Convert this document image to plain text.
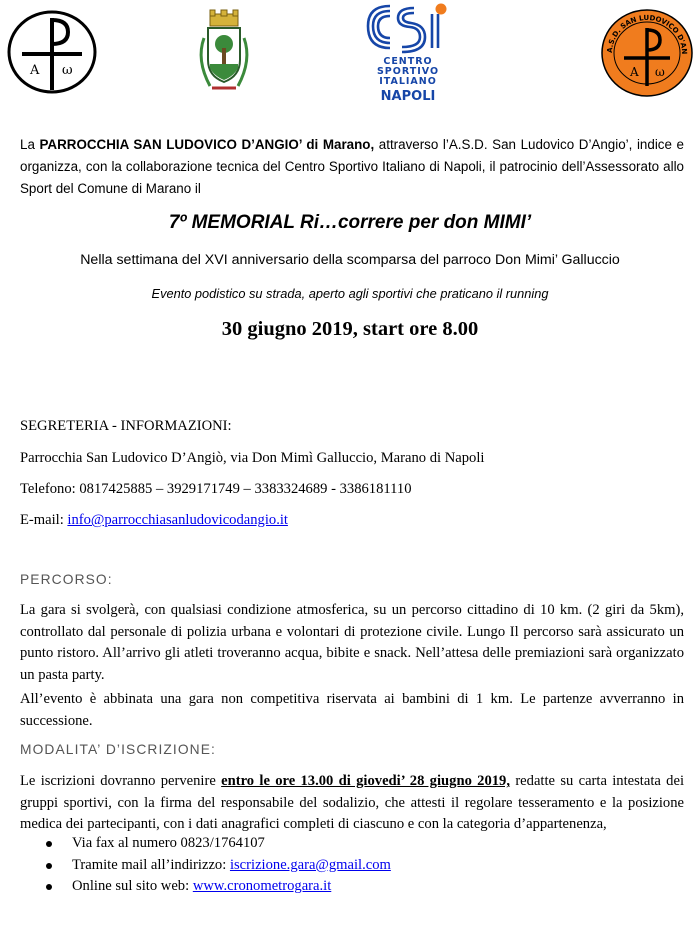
A ω
CENTRO
SPORTIVO
ITALIANO
NAPOLI
A.S.D. SAN LUDOVICO D'AN
A ω
La PARROCCHIA SAN LUDOVICO D’ANGIO’ di Marano, attraverso l’A.S.D. San Ludovico D’Angio’, indice e organizza, con la collaborazione tecnica del Centro Sportivo Italiano di Napoli, il patrocinio dell’Assessorato allo Sport del Comune di Marano il
7º MEMORIAL Ri…correre per don MIMI’
Nella settimana del XVI anniversario della scomparsa del parroco Don Mimi’ Galluccio
Evento podistico su strada, aperto agli sportivi che praticano il running
30 giugno 2019, start ore 8.00
SEGRETERIA - INFORMAZIONI:
Parrocchia San Ludovico D’Angiò, via Don Mimì Galluccio, Marano di Napoli
Telefono: 0817425885 – 3929171749 – 3383324689 - 3386181110
E-mail: info@parrocchiasanludovicodangio.it
PERCORSO:
La gara si svolgerà, con qualsiasi condizione atmosferica, su un percorso cittadino di 10 km. (2 giri da 5km), controllato dal personale di polizia urbana e volontari di protezione civile. Lungo Il percorso sarà assicurato un punto ristoro. All’arrivo gli atleti troveranno acqua, bibite e snack. Nell’attesa delle premiazioni sarà organizzato un pasta party.
All’evento è abbinata una gara non competitiva riservata ai bambini di 1 km. Le partenze avverranno in successione.
MODALITA’ D’ISCRIZIONE:
Le iscrizioni dovranno pervenire entro le ore 13.00 di giovedi’ 28 giugno 2019, redatte su carta intestata dei gruppi sportivi, con la firma del responsabile del sodalizio, che attesti il regolare tesseramento e la posizione medica dei partecipanti, con i dati anagrafici completi di ciascuno e con la categoria d’appartenenza,
Via fax al numero 0823/1764107
Tramite mail all’indirizzo: iscrizione.gara@gmail.com
Online sul sito web: www.cronometrogara.it
